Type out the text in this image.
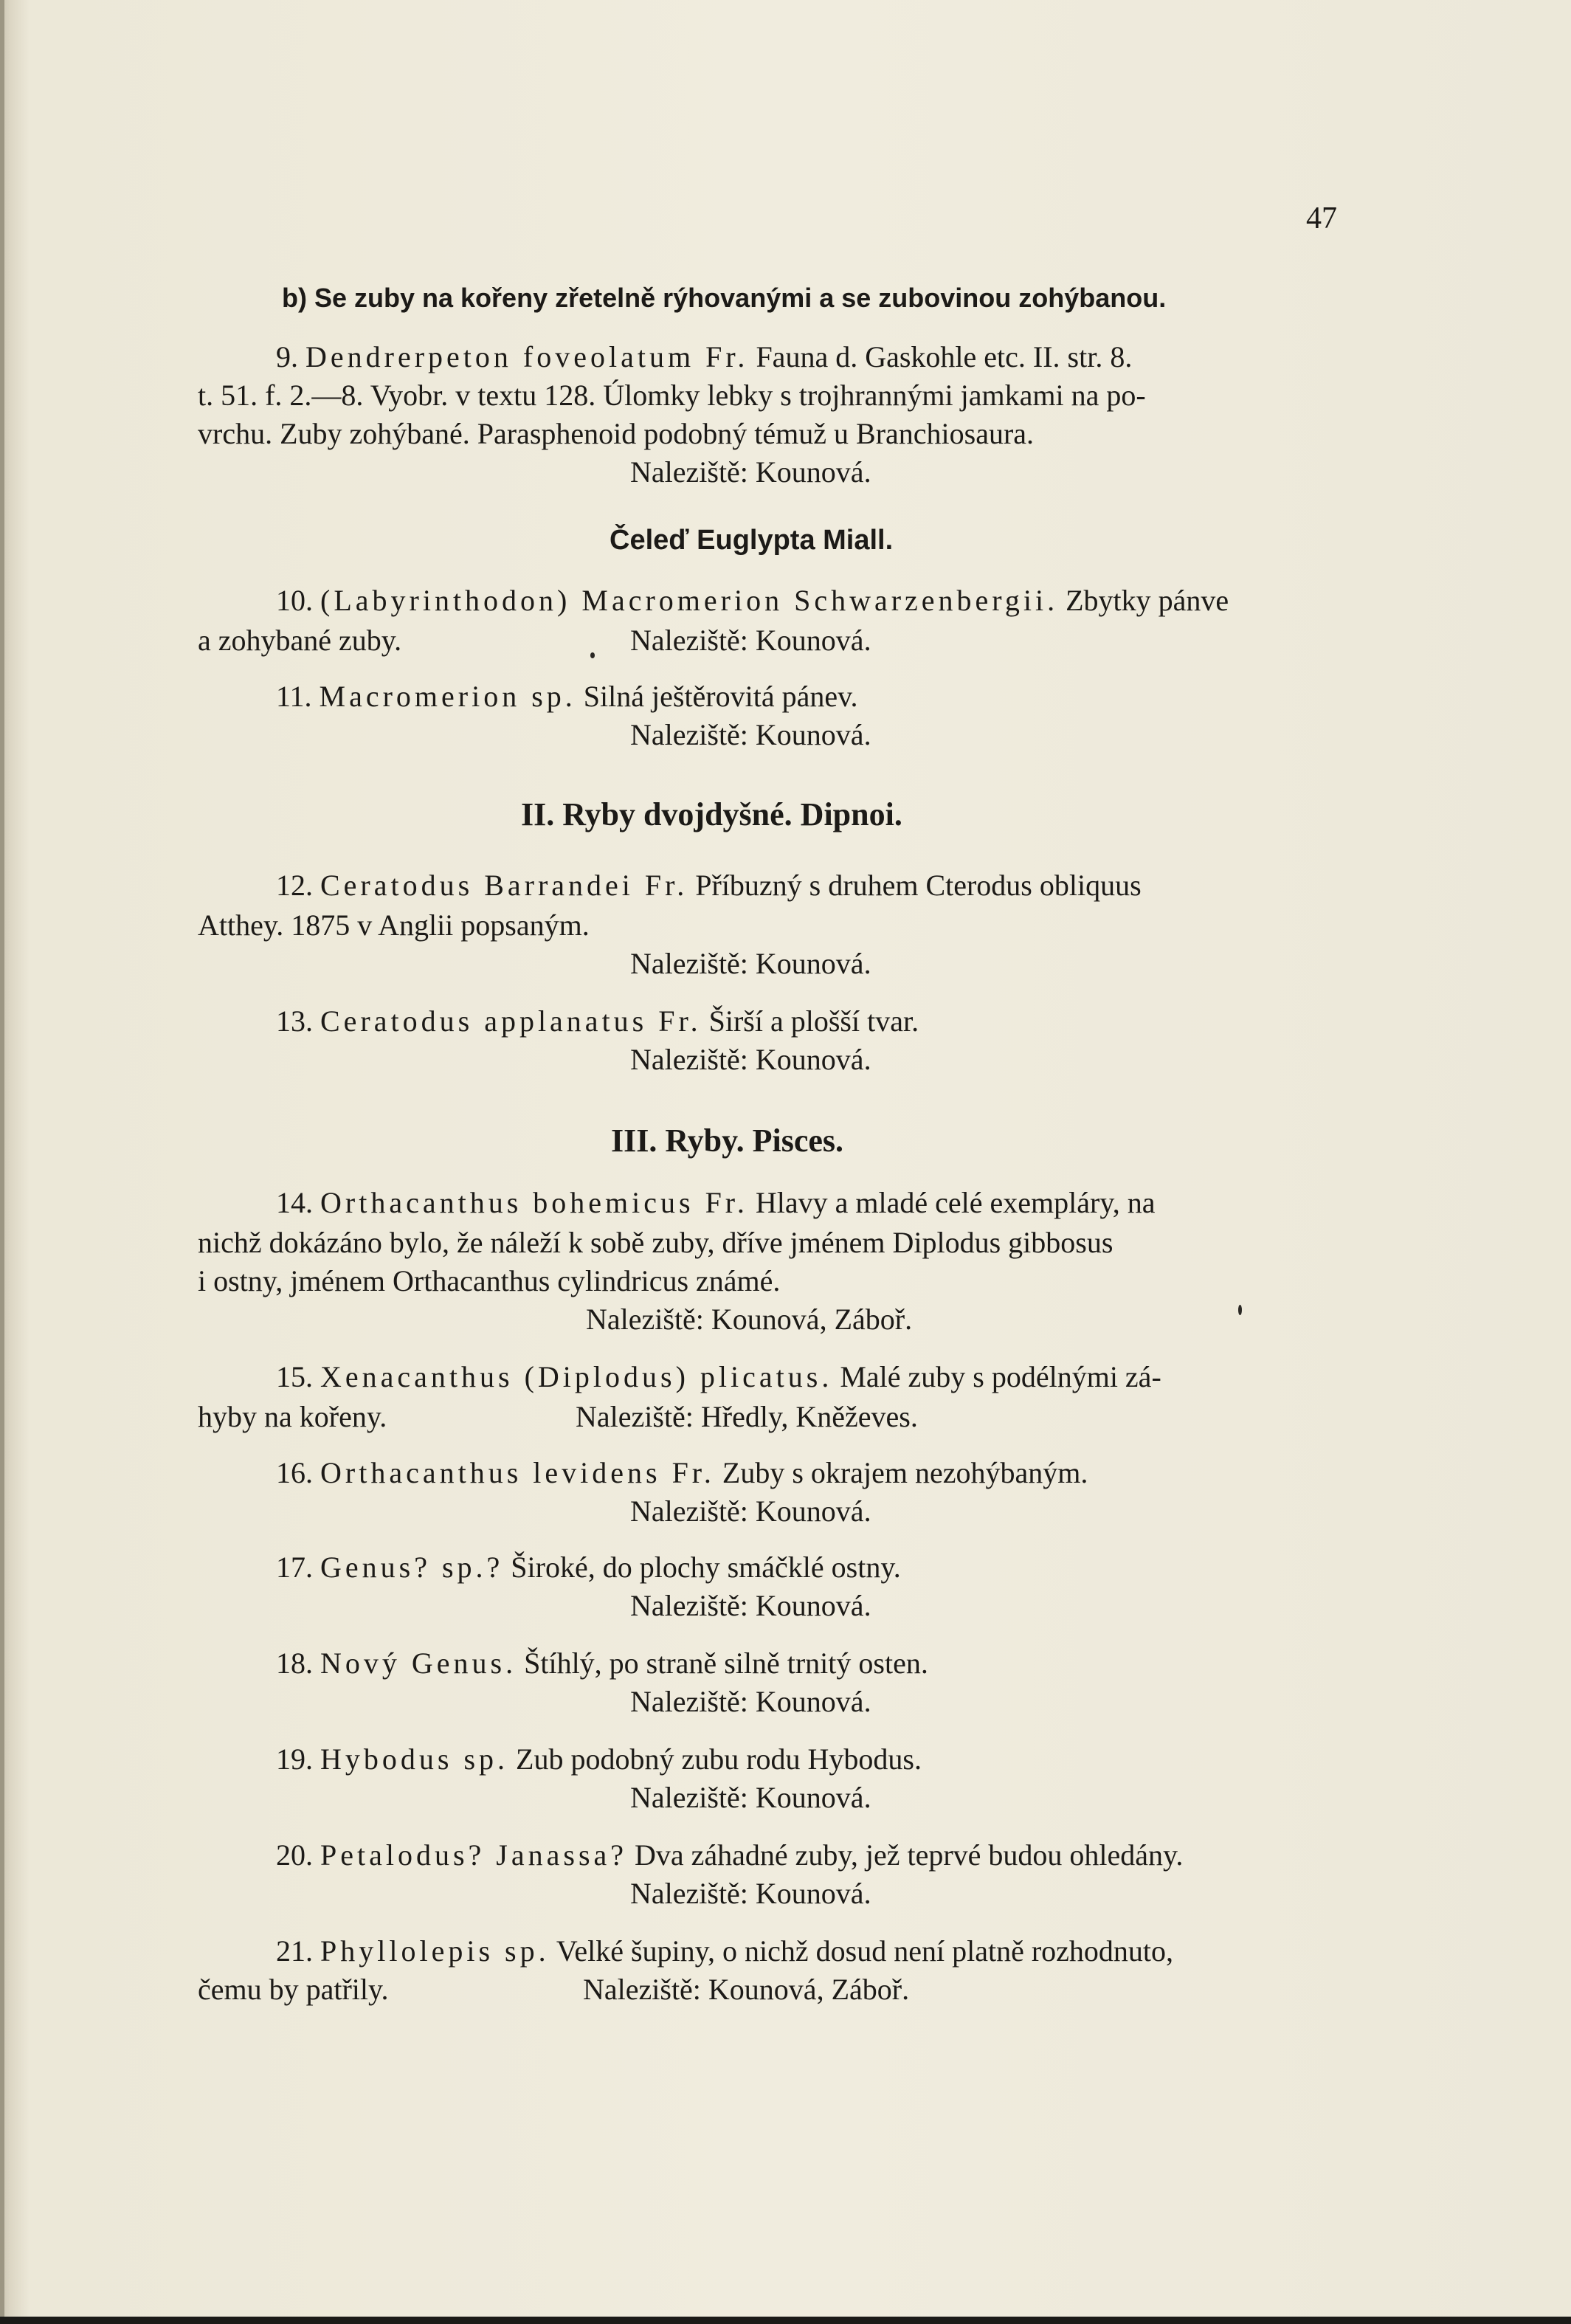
47
b) Se zuby na kořeny zřetelně rýhovanými a se zubovinou zohýbanou.
9. Dendrerpeton foveolatum Fr. Fauna d. Gaskohle etc. II. str. 8.
t. 51. f. 2.—8. Vyobr. v textu 128. Úlomky lebky s trojhrannými jamkami na po-
vrchu. Zuby zohýbané. Parasphenoid podobný témuž u Branchiosaura.
Naleziště: Kounová.
Čeleď Euglypta Miall.
10. (Labyrinthodon) Macromerion Schwarzenbergii. Zbytky pánve
a zohybané zuby.	Naleziště: Kounová.
11. Macromerion sp. Silná ještěrovitá pánev.
Naleziště: Kounová.
II. Ryby dvojdyšné. Dipnoi.
12. Ceratodus Barrandei Fr. Příbuzný s druhem Cterodus obliquus
Atthey. 1875 v Anglii popsaným.
Naleziště: Kounová.
13. Ceratodus applanatus Fr. Širší a plošší tvar.
Naleziště: Kounová.
III. Ryby. Pisces.
14. Orthacanthus bohemicus Fr. Hlavy a mladé celé exempláry, na
nichž dokázáno bylo, že náleží k sobě zuby, dříve jménem Diplodus gibbosus
i ostny, jménem Orthacanthus cylindricus známé.
Naleziště: Kounová, Záboř.
15. Xenacanthus (Diplodus) plicatus. Malé zuby s podélnými zá-
hyby na kořeny.	Naleziště: Hředly, Kněževes.
16. Orthacanthus levidens Fr. Zuby s okrajem nezohýbaným.
Naleziště: Kounová.
17. Genus? sp.? Široké, do plochy smáčklé ostny.
Naleziště: Kounová.
18. Nový Genus. Štíhlý, po straně silně trnitý osten.
Naleziště: Kounová.
19. Hybodus sp. Zub podobný zubu rodu Hybodus.
Naleziště: Kounová.
20. Petalodus? Janassa? Dva záhadné zuby, jež teprvé budou ohledány.
Naleziště: Kounová.
21. Phyllolepis sp. Velké šupiny, o nichž dosud není platně rozhodnuto,
čemu by patřily.	Naleziště: Kounová, Záboř.
